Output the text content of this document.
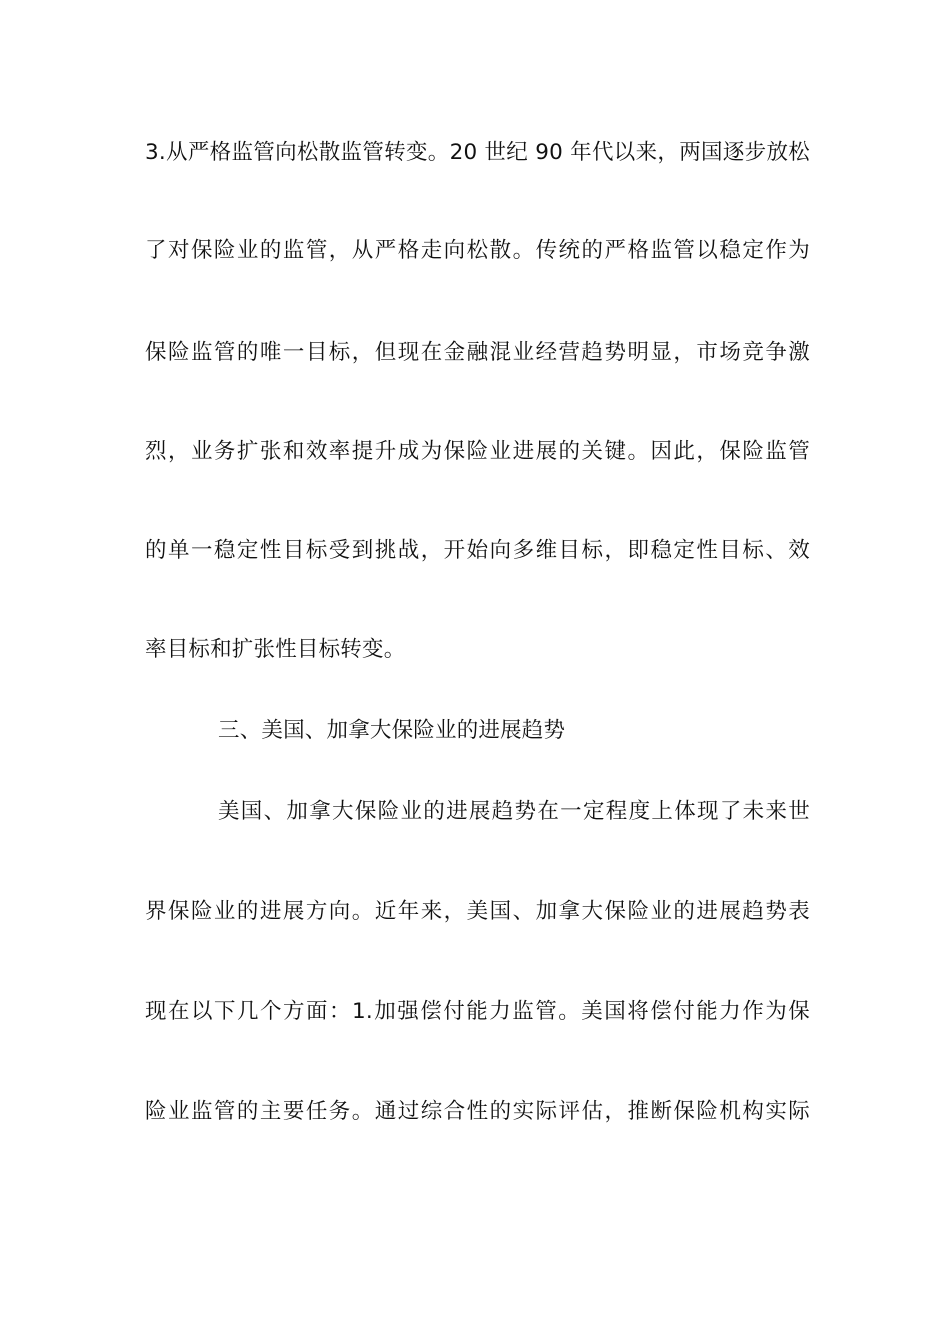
3.从严格监管向松散监管转变。20 世纪 90 年代以来，两国逐步放松
了对保险业的监管，从严格走向松散。传统的严格监管以稳定作为
保险监管的唯一目标，但现在金融混业经营趋势明显，市场竞争激
烈，业务扩张和效率提升成为保险业进展的关键。因此，保险监管
的单一稳定性目标受到挑战，开始向多维目标，即稳定性目标、效
率目标和扩张性目标转变。
三、美国、加拿大保险业的进展趋势
美国、加拿大保险业的进展趋势在一定程度上体现了未来世
界保险业的进展方向。近年来，美国、加拿大保险业的进展趋势表
现在以下几个方面：1.加强偿付能力监管。美国将偿付能力作为保
险业监管的主要任务。通过综合性的实际评估，推断保险机构实际
